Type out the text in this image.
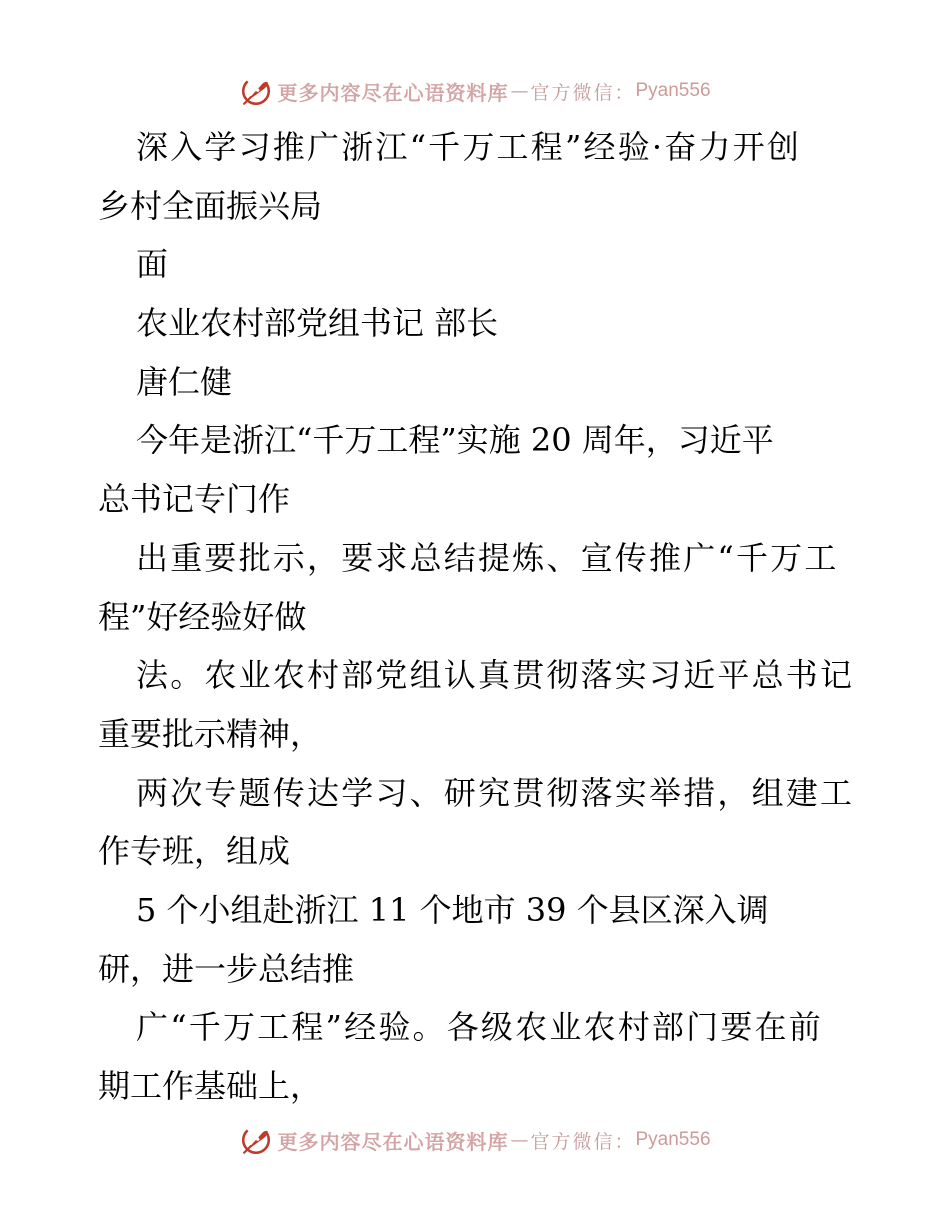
更多内容尽在心语资料库 — 官方微信： Pyan556
深入学习推广浙江“千万工程”经验·奋力开创
乡村全面振兴局
面
农业农村部党组书记 部长
唐仁健
今年是浙江“千万工程”实施 20 周年，习近平
总书记专门作
出重要批示，要求总结提炼、宣传推广“千万工
程”好经验好做
法。农业农村部党组认真贯彻落实习近平总书记
重要批示精神，
两次专题传达学习、研究贯彻落实举措，组建工
作专班，组成
5 个小组赴浙江 11 个地市 39 个县区深入调
研，进一步总结推
广“千万工程”经验。各级农业农村部门要在前
期工作基础上，
更多内容尽在心语资料库 — 官方微信： Pyan556
